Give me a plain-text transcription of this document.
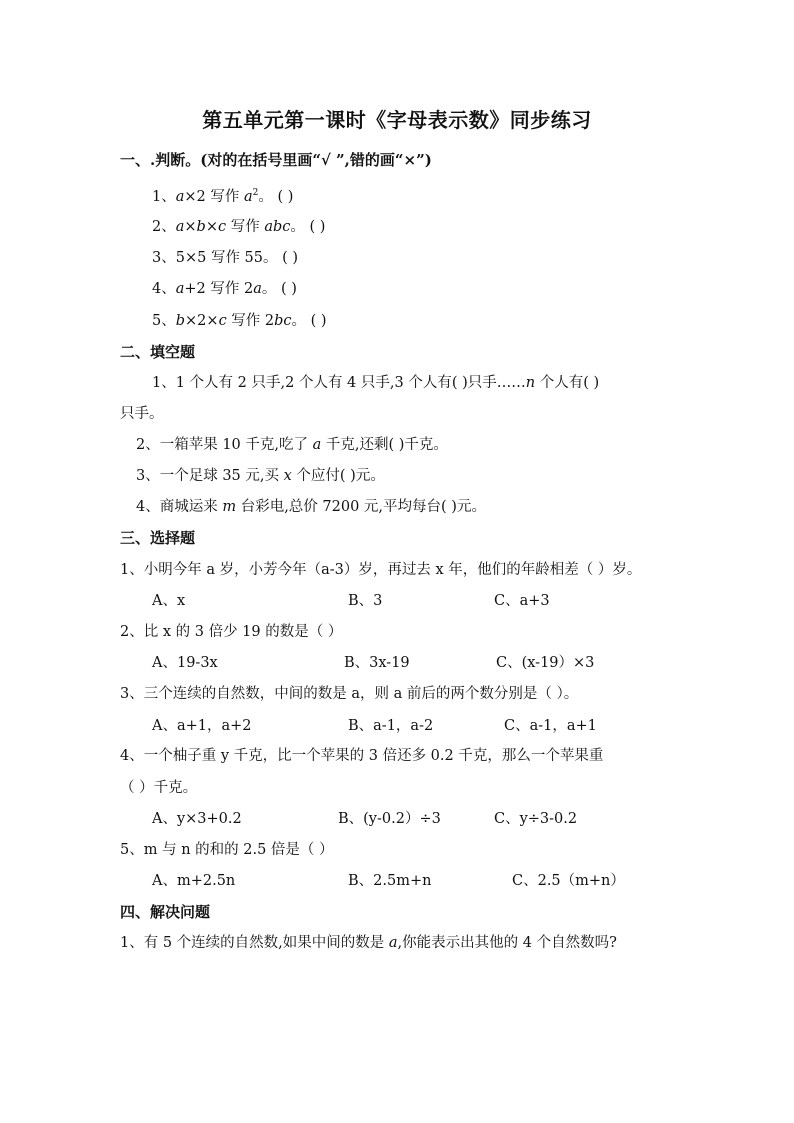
第五单元第一课时《字母表示数》同步练习
一、.判断。(对的在括号里画“√ ”,错的画“×”)
1、a×2 写作 $a^2$。 ( )
2、a×b×c 写作 abc。 ( )
3、5×5 写作 55。 ( )
4、a+2 写作 2a。 ( )
5、b×2×c 写作 2bc。 ( )
二、填空题
1、1 个人有 2 只手,2 个人有 4 只手,3 个人有( )只手……n 个人有( )
只手。
2、一箱苹果 10 千克,吃了 a 千克,还剩( )千克。
3、一个足球 35 元,买 x 个应付( )元。
4、商城运来 m 台彩电,总价 7200 元,平均每台( )元。
三、选择题
1、小明今年 a 岁，小芳今年（a-3）岁，再过去 x 年，他们的年龄相差（ ）岁。
A、x	B、3	C、a+3
2、比 x 的 3 倍少 19 的数是（ ）
A、19-3x	B、3x-19	C、(x-19）×3
3、三个连续的自然数，中间的数是 a，则 a 前后的两个数分别是（ ）。
A、a+1，a+2	B、a-1，a-2	C、a-1，a+1
4、一个柚子重 y 千克，比一个苹果的 3 倍还多 0.2 千克，那么一个苹果重
（ ）千克。
A、y×3+0.2	B、(y-0.2）÷3	C、y÷3-0.2
5、m 与 n 的和的 2.5 倍是（ ）
A、m+2.5n	B、2.5m+n	C、2.5（m+n）
四、解决问题
1、有 5 个连续的自然数,如果中间的数是 a,你能表示出其他的 4 个自然数吗?
